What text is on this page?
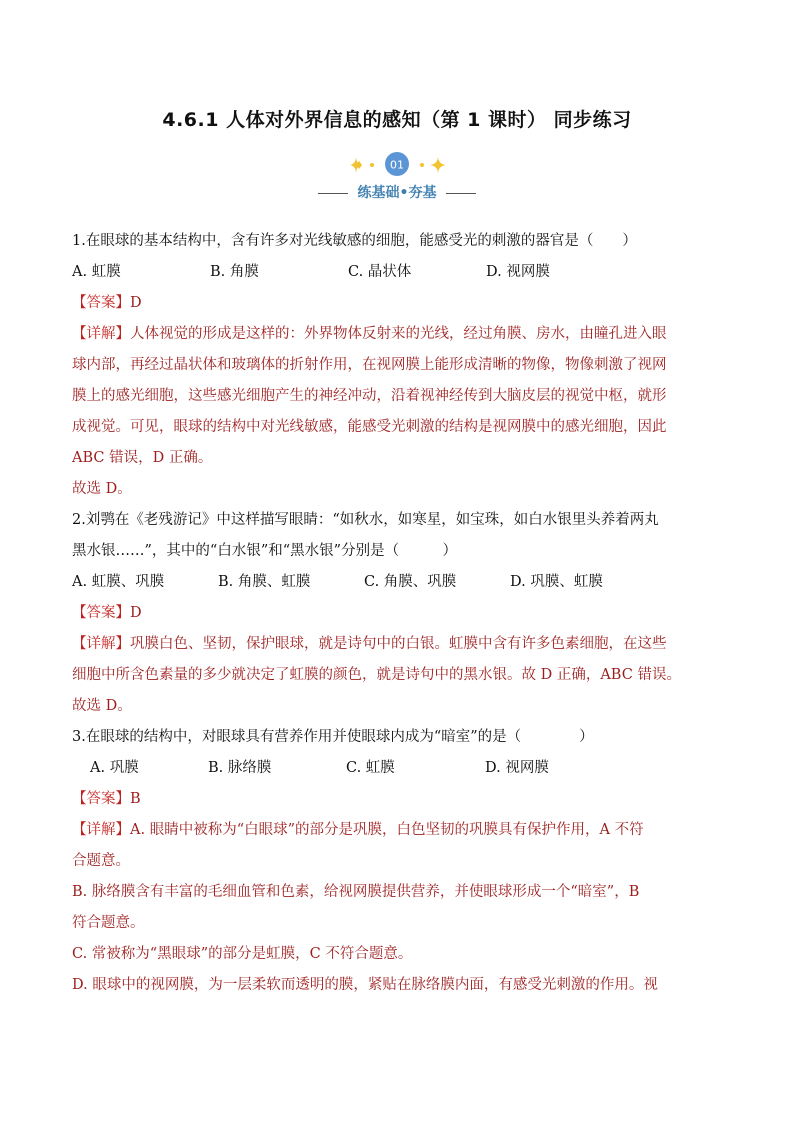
4.6.1 人体对外界信息的感知（第 1 课时） 同步练习
01
练基础•夯基
1.在眼球的基本结构中，含有许多对光线敏感的细胞，能感受光的刺激的器官是（　　）
A. 虹膜	B. 角膜	C. 晶状体	D. 视网膜
【答案】D
【详解】人体视觉的形成是这样的：外界物体反射来的光线，经过角膜、房水，由瞳孔进入眼
球内部，再经过晶状体和玻璃体的折射作用，在视网膜上能形成清晰的物像，物像刺激了视网
膜上的感光细胞，这些感光细胞产生的神经冲动，沿着视神经传到大脑皮层的视觉中枢，就形
成视觉。可见，眼球的结构中对光线敏感，能感受光刺激的结构是视网膜中的感光细胞，因此
ABC 错误，D 正确。
故选 D。
2.刘鹗在《老残游记》中这样描写眼睛：“如秋水，如寒星，如宝珠，如白水银里头养着两丸
黑水银……”，其中的“白水银”和“黑水银”分别是（　　　）
A. 虹膜、巩膜	B. 角膜、虹膜	C. 角膜、巩膜	D. 巩膜、虹膜
【答案】D
【详解】巩膜白色、坚韧，保护眼球，就是诗句中的白银。虹膜中含有许多色素细胞，在这些
细胞中所含色素量的多少就决定了虹膜的颜色，就是诗句中的黑水银。故 D 正确，ABC 错误。
故选 D。
3.在眼球的结构中，对眼球具有营养作用并使眼球内成为“暗室”的是（　　　　）
A. 巩膜	B. 脉络膜	C. 虹膜	D. 视网膜
【答案】B
【详解】A. 眼睛中被称为“白眼球”的部分是巩膜，白色坚韧的巩膜具有保护作用，A 不符
合题意。
B. 脉络膜含有丰富的毛细血管和色素，给视网膜提供营养，并使眼球形成一个“暗室”，B
符合题意。
C. 常被称为“黑眼球”的部分是虹膜，C 不符合题意。
D. 眼球中的视网膜，为一层柔软而透明的膜，紧贴在脉络膜内面，有感受光刺激的作用。视
